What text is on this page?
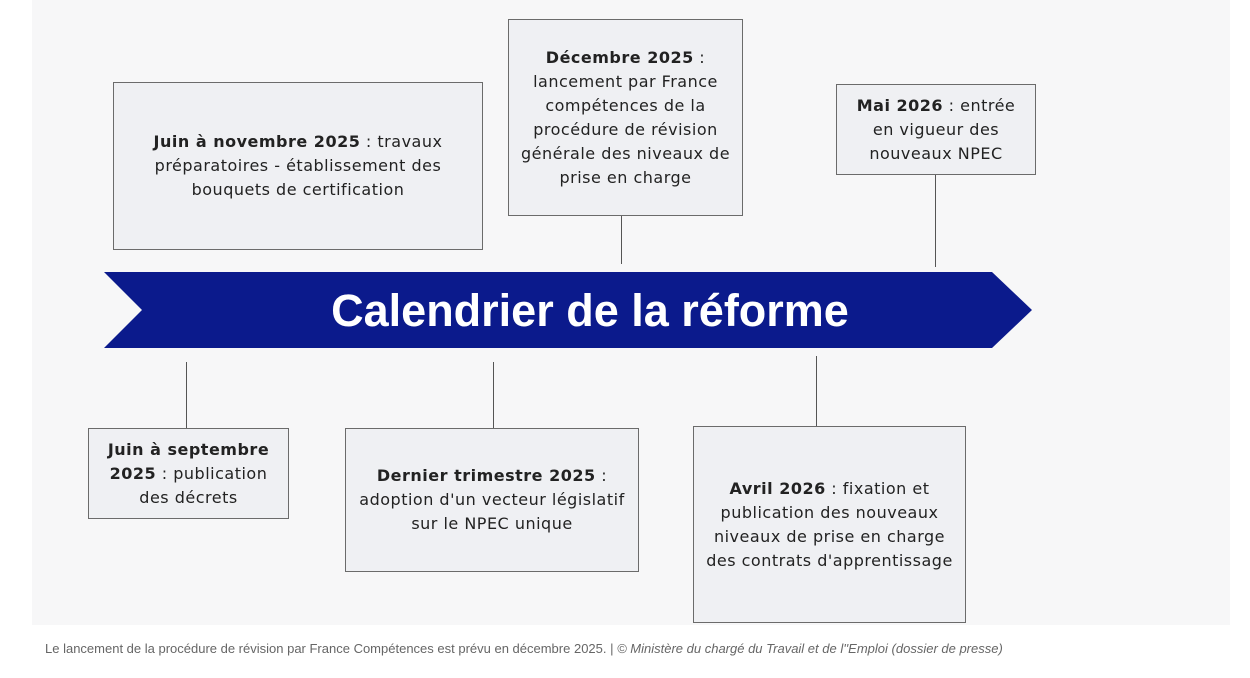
Calendrier de la réforme

Juin à novembre 2025 : travaux préparatoires - établissement des bouquets de certification

Décembre 2025 : lancement par France compétences de la procédure de révision générale des niveaux de prise en charge

Mai 2026 : entrée en vigueur des nouveaux NPEC

Juin à septembre 2025 : publication des décrets

Dernier trimestre 2025 : adoption d'un vecteur législatif sur le NPEC unique

Avril 2026 : fixation et publication des nouveaux niveaux de prise en charge des contrats d'apprentissage

Le lancement de la procédure de révision par France Compétences est prévu en décembre 2025. | © Ministère du chargé du Travail et de l''Emploi (dossier de presse)
